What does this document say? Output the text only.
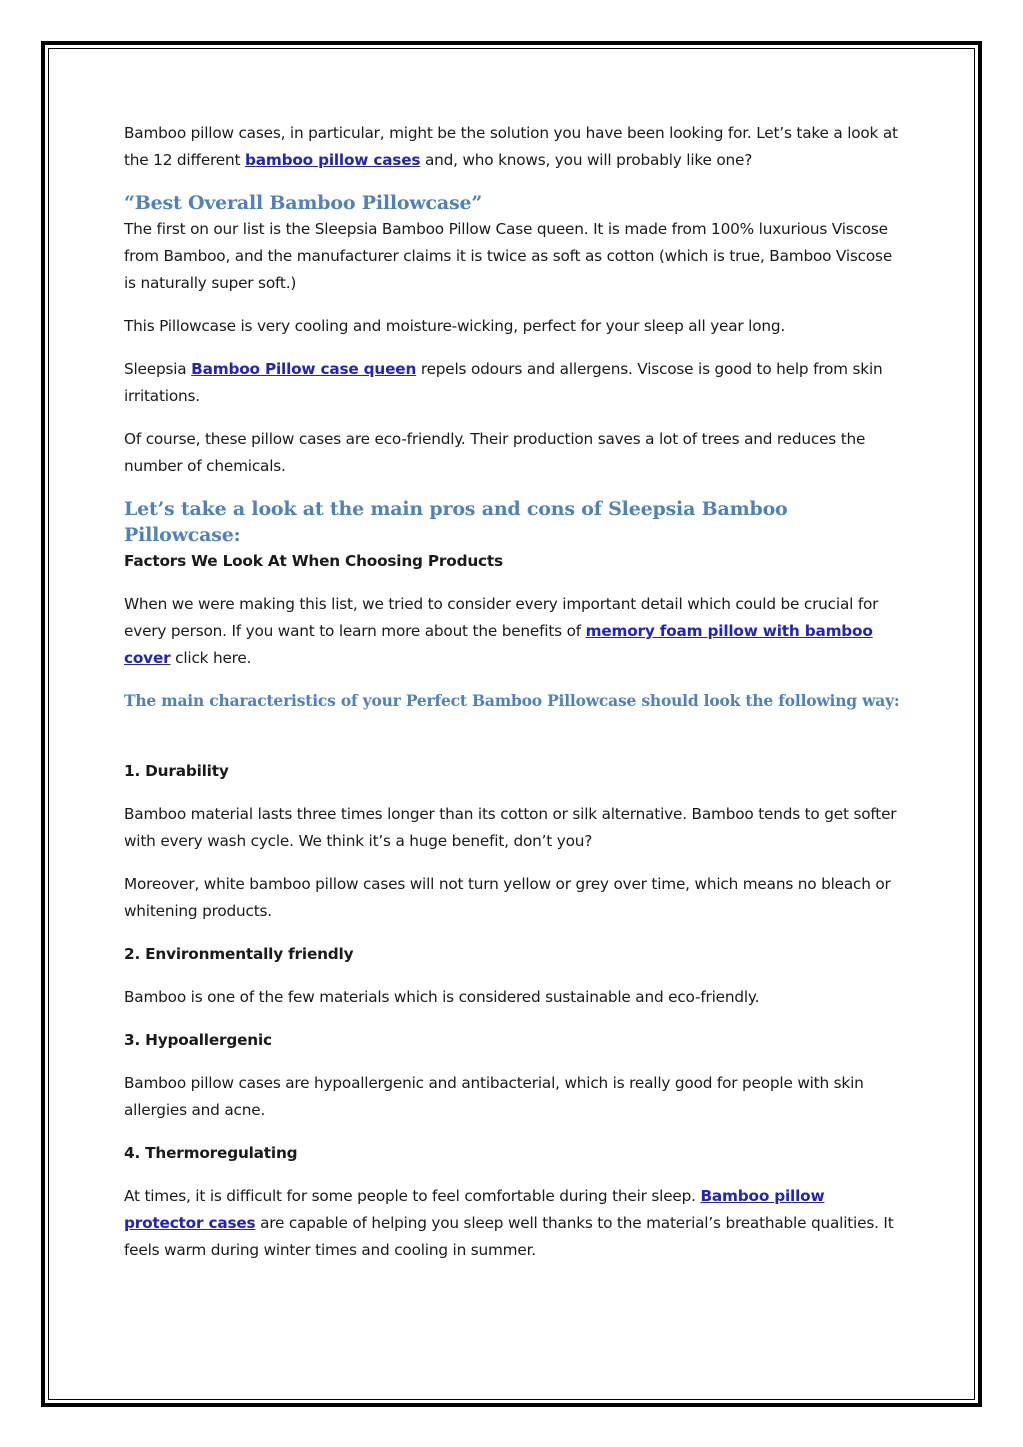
Bamboo pillow cases, in particular, might be the solution you have been looking for. Let’s take a look at the 12 different bamboo pillow cases and, who knows, you will probably like one?

“Best Overall Bamboo Pillowcase”

The first on our list is the Sleepsia Bamboo Pillow Case queen. It is made from 100% luxurious Viscose from Bamboo, and the manufacturer claims it is twice as soft as cotton (which is true, Bamboo Viscose is naturally super soft.)

This Pillowcase is very cooling and moisture-wicking, perfect for your sleep all year long.

Sleepsia Bamboo Pillow case queen repels odours and allergens. Viscose is good to help from skin irritations.

Of course, these pillow cases are eco-friendly. Their production saves a lot of trees and reduces the number of chemicals.

Let’s take a look at the main pros and cons of Sleepsia Bamboo Pillowcase:

Factors We Look At When Choosing Products

When we were making this list, we tried to consider every important detail which could be crucial for every person. If you want to learn more about the benefits of memory foam pillow with bamboo cover click here.

The main characteristics of your Perfect Bamboo Pillowcase should look the following way:

1. Durability

Bamboo material lasts three times longer than its cotton or silk alternative. Bamboo tends to get softer with every wash cycle. We think it’s a huge benefit, don’t you?

Moreover, white bamboo pillow cases will not turn yellow or grey over time, which means no bleach or whitening products.

2. Environmentally friendly

Bamboo is one of the few materials which is considered sustainable and eco-friendly.

3. Hypoallergenic

Bamboo pillow cases are hypoallergenic and antibacterial, which is really good for people with skin allergies and acne.

4. Thermoregulating

At times, it is difficult for some people to feel comfortable during their sleep. Bamboo pillow protector cases are capable of helping you sleep well thanks to the material’s breathable qualities. It feels warm during winter times and cooling in summer.
